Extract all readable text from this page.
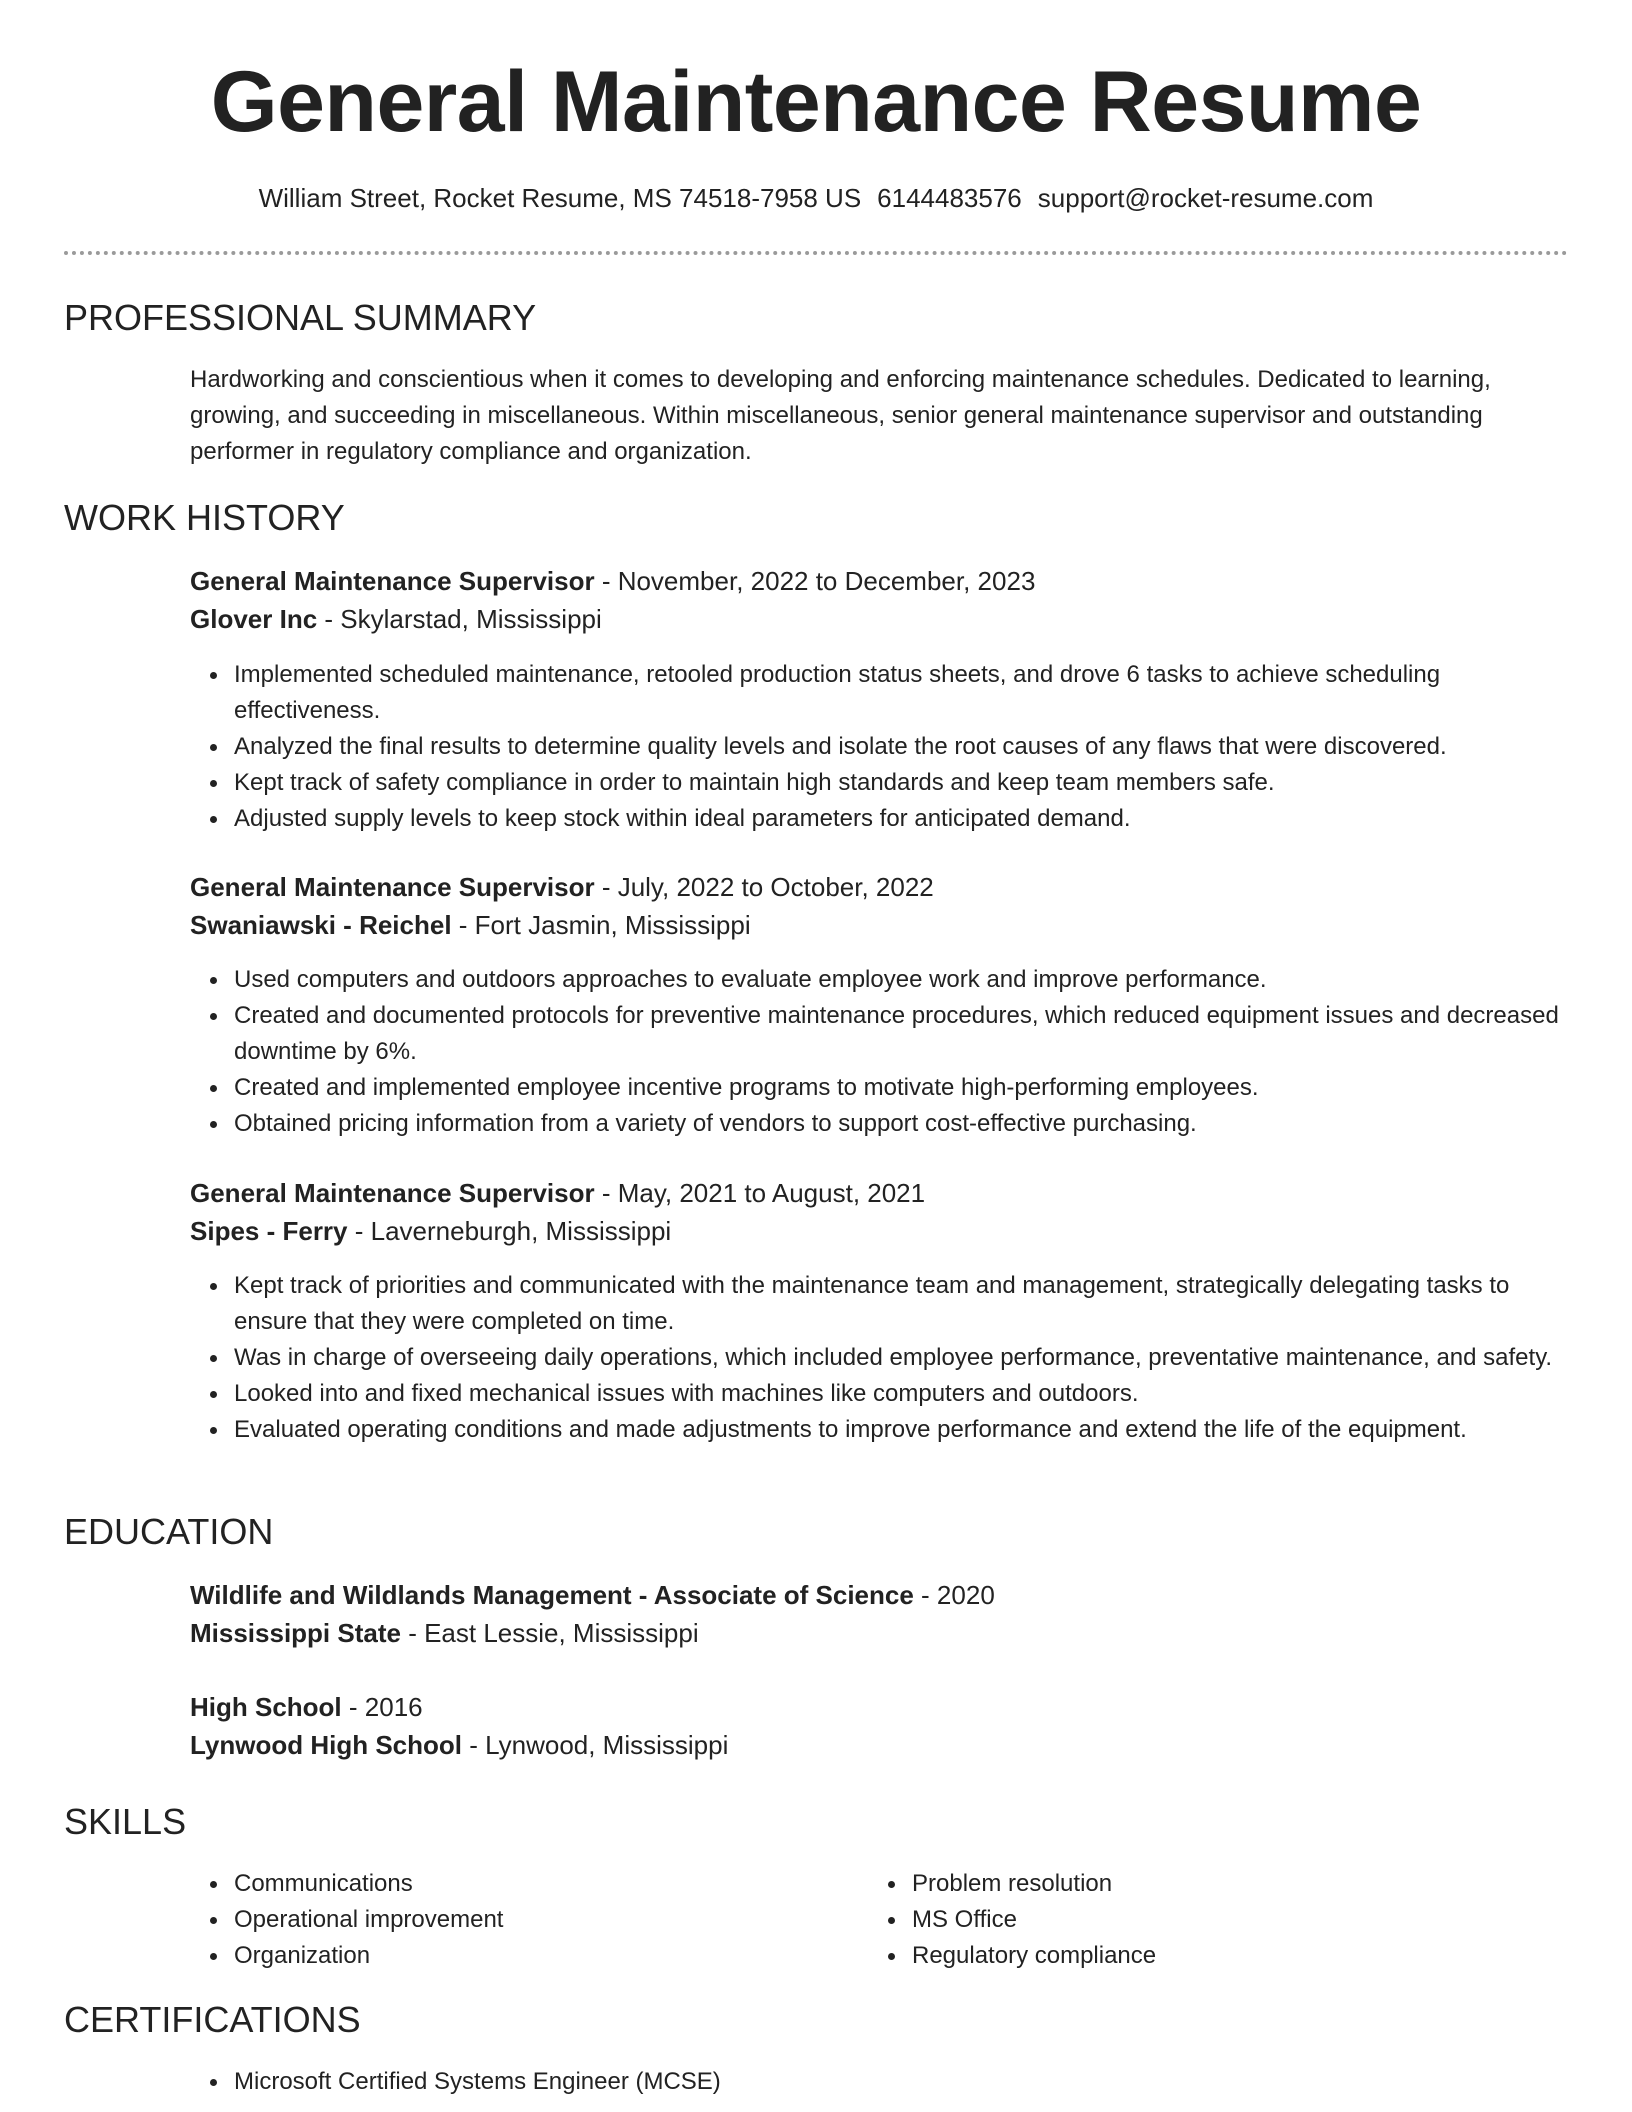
General Maintenance Resume
William Street, Rocket Resume, MS 74518-7958 US 6144483576 support@rocket-resume.com
PROFESSIONAL SUMMARY
Hardworking and conscientious when it comes to developing and enforcing maintenance schedules. Dedicated to learning, growing, and succeeding in miscellaneous. Within miscellaneous, senior general maintenance supervisor and outstanding performer in regulatory compliance and organization.
WORK HISTORY
General Maintenance Supervisor - November, 2022 to December, 2023
Glover Inc - Skylarstad, Mississippi
Implemented scheduled maintenance, retooled production status sheets, and drove 6 tasks to achieve scheduling effectiveness.
Analyzed the final results to determine quality levels and isolate the root causes of any flaws that were discovered.
Kept track of safety compliance in order to maintain high standards and keep team members safe.
Adjusted supply levels to keep stock within ideal parameters for anticipated demand.
General Maintenance Supervisor - July, 2022 to October, 2022
Swaniawski - Reichel - Fort Jasmin, Mississippi
Used computers and outdoors approaches to evaluate employee work and improve performance.
Created and documented protocols for preventive maintenance procedures, which reduced equipment issues and decreased downtime by 6%.
Created and implemented employee incentive programs to motivate high-performing employees.
Obtained pricing information from a variety of vendors to support cost-effective purchasing.
General Maintenance Supervisor - May, 2021 to August, 2021
Sipes - Ferry - Laverneburgh, Mississippi
Kept track of priorities and communicated with the maintenance team and management, strategically delegating tasks to ensure that they were completed on time.
Was in charge of overseeing daily operations, which included employee performance, preventative maintenance, and safety.
Looked into and fixed mechanical issues with machines like computers and outdoors.
Evaluated operating conditions and made adjustments to improve performance and extend the life of the equipment.
EDUCATION
Wildlife and Wildlands Management - Associate of Science - 2020
Mississippi State - East Lessie, Mississippi
High School - 2016
Lynwood High School - Lynwood, Mississippi
SKILLS
Communications
Operational improvement
Organization
Problem resolution
MS Office
Regulatory compliance
CERTIFICATIONS
Microsoft Certified Systems Engineer (MCSE)
